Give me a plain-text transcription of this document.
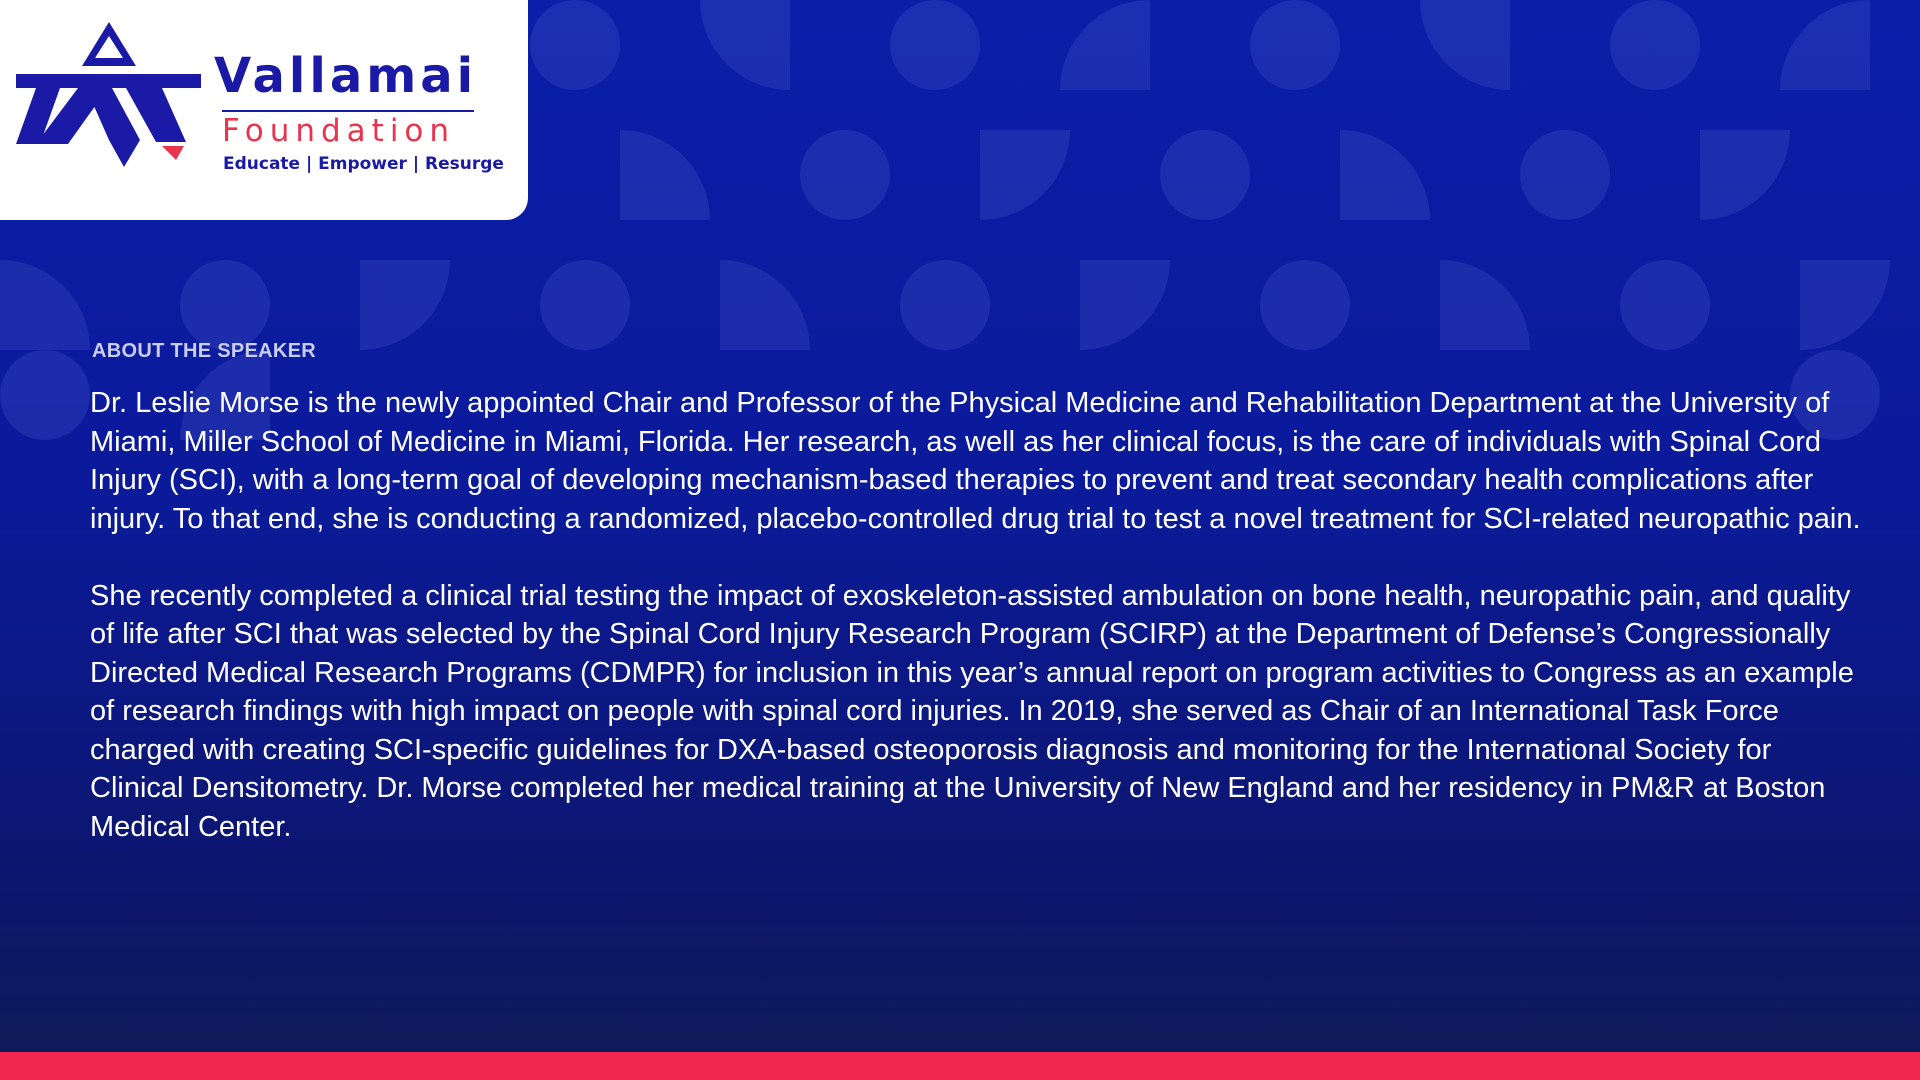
Vallamai
Foundation
Educate | Empower | Resurge
ABOUT THE SPEAKER

Dr. Leslie Morse is the newly appointed Chair and Professor of the Physical Medicine and Rehabilitation Department at the University of Miami, Miller School of Medicine in Miami, Florida. Her research, as well as her clinical focus, is the care of individuals with Spinal Cord Injury (SCI), with a long-term goal of developing mechanism-based therapies to prevent and treat secondary health complications after injury. To that end, she is conducting a randomized, placebo-controlled drug trial to test a novel treatment for SCI-related neuropathic pain.

She recently completed a clinical trial testing the impact of exoskeleton-assisted ambulation on bone health, neuropathic pain, and quality of life after SCI that was selected by the Spinal Cord Injury Research Program (SCIRP) at the Department of Defense’s Congressionally Directed Medical Research Programs (CDMPR) for inclusion in this year’s annual report on program activities to Congress as an example of research findings with high impact on people with spinal cord injuries. In 2019, she served as Chair of an International Task Force charged with creating SCI-specific guidelines for DXA-based osteoporosis diagnosis and monitoring for the International Society for Clinical Densitometry. Dr. Morse completed her medical training at the University of New England and her residency in PM&R at Boston Medical Center.
